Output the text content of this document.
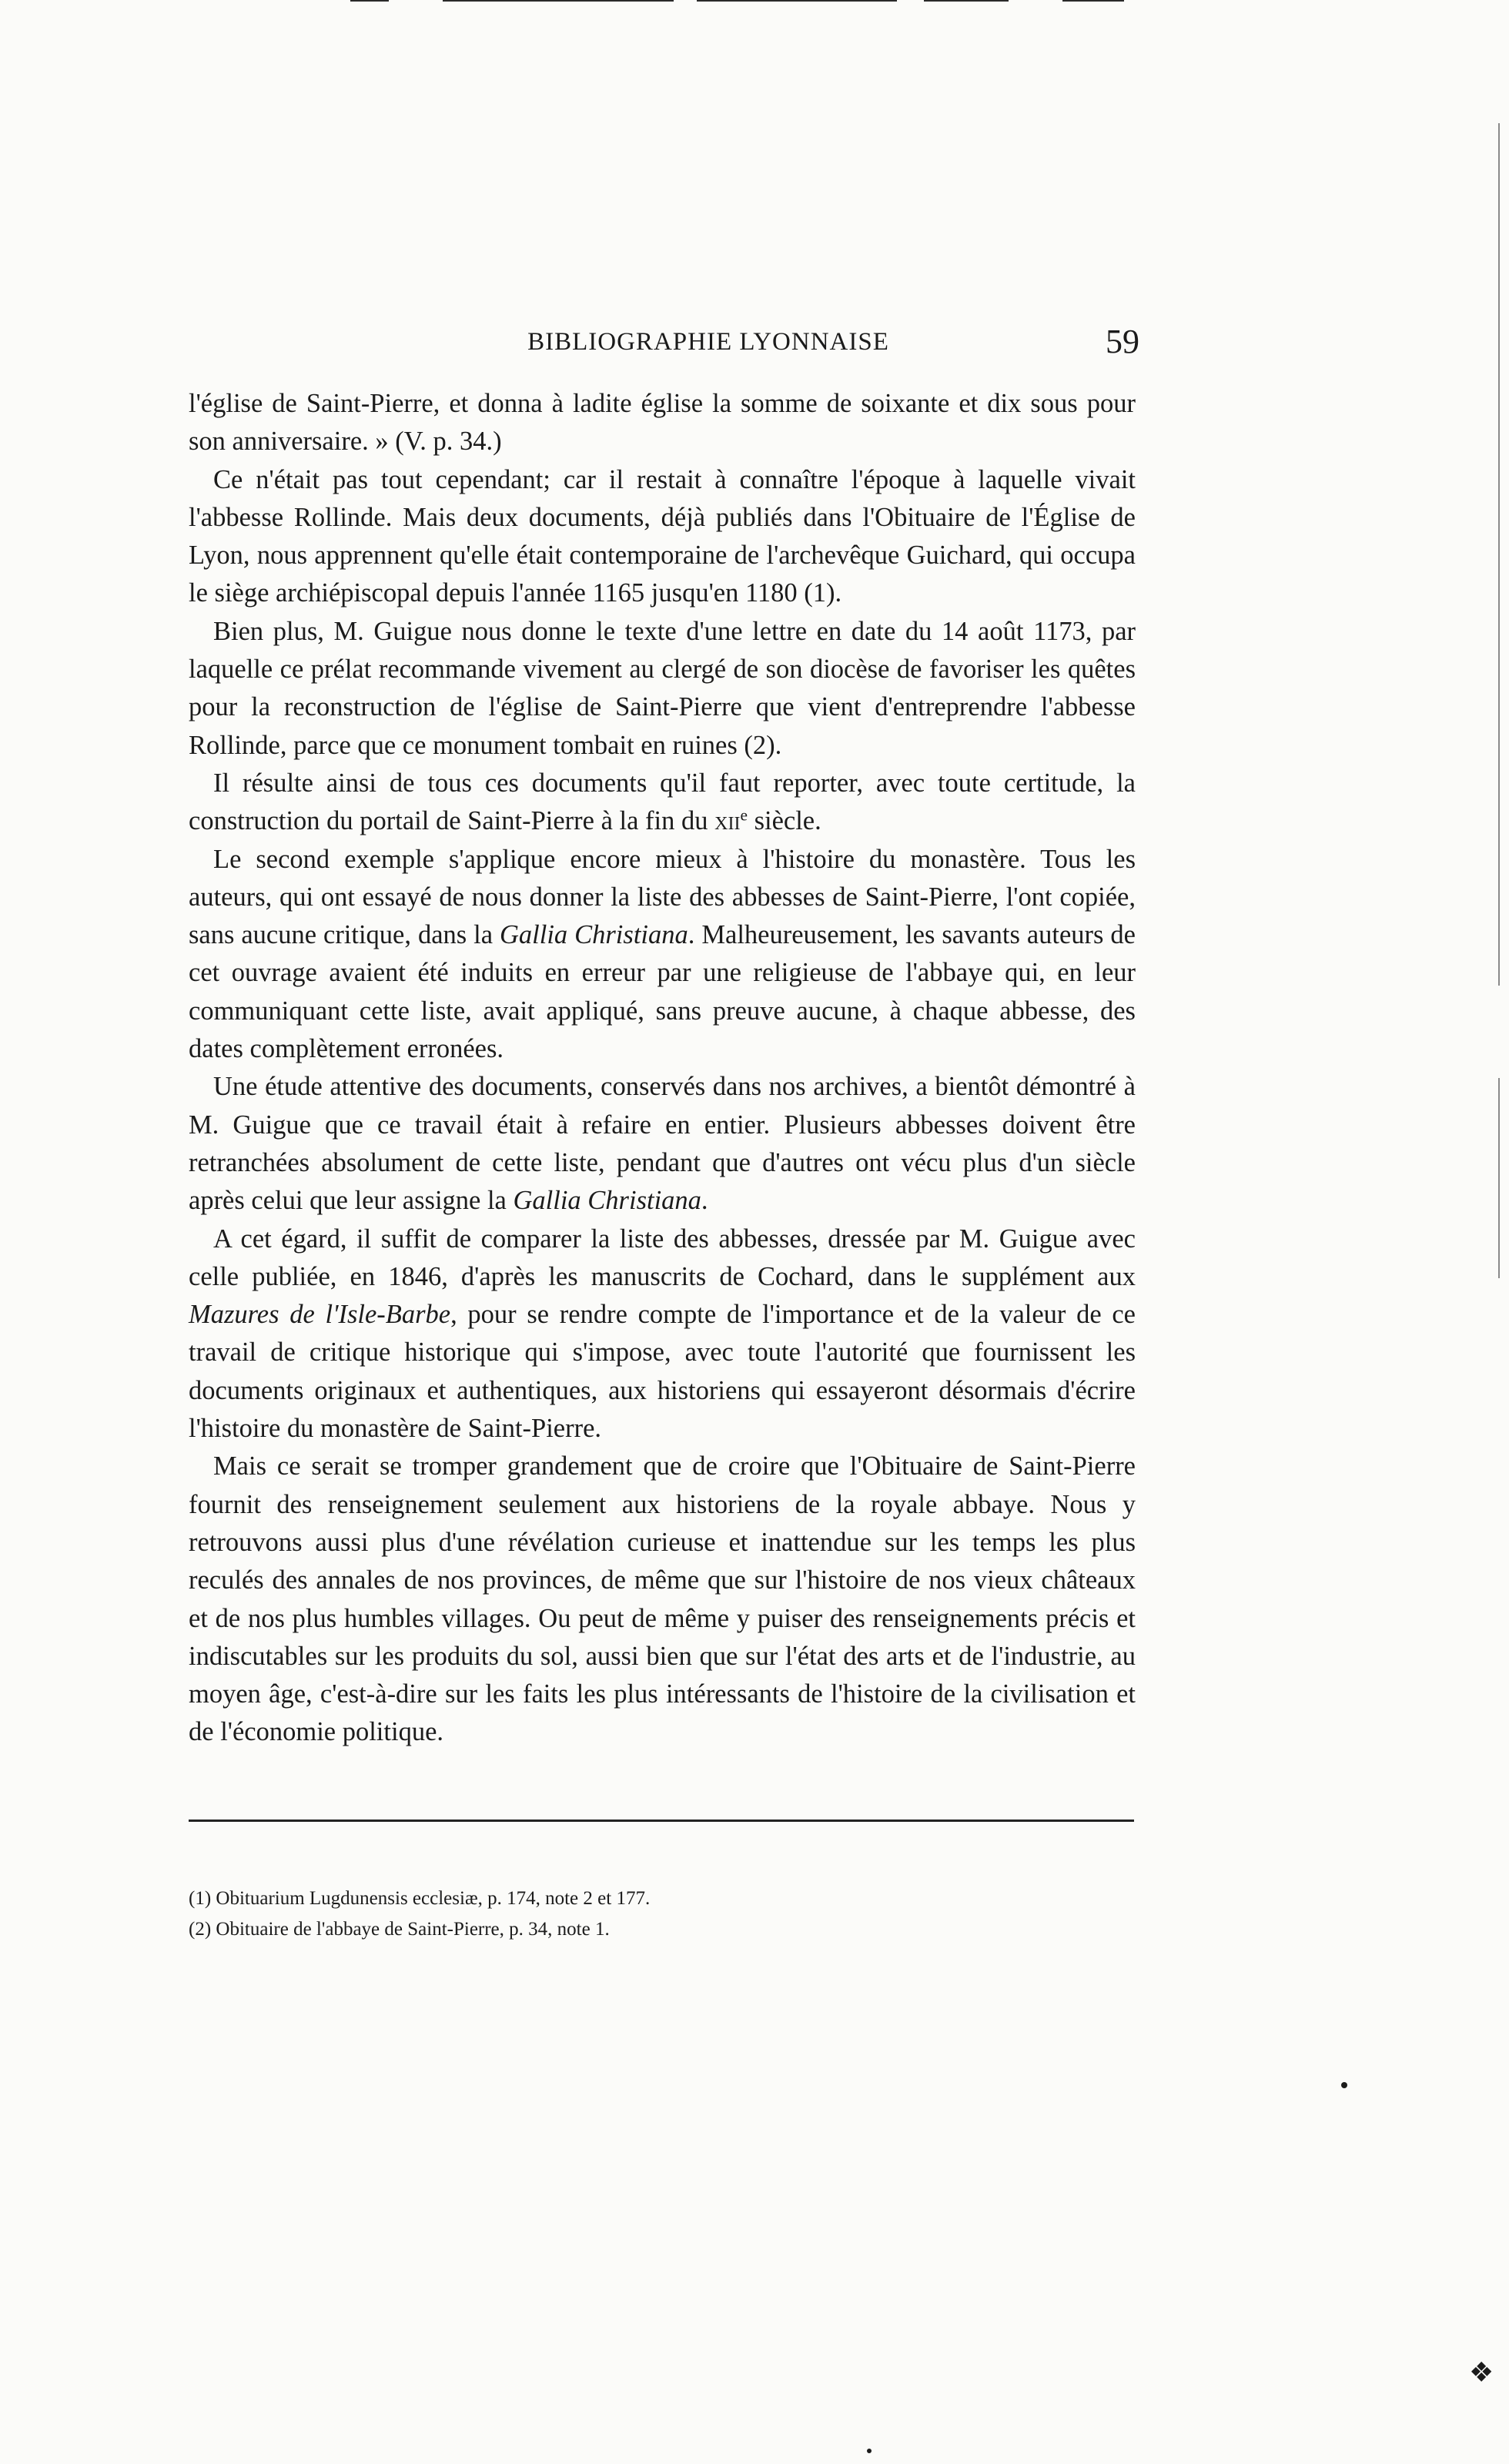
BIBLIOGRAPHIE LYONNAISE	59

l'église de Saint-Pierre, et donna à ladite église la somme de soixante et dix sous pour son anniversaire. » (V. p. 34.)

Ce n'était pas tout cependant; car il restait à connaître l'époque à laquelle vivait l'abbesse Rollinde. Mais deux documents, déjà publiés dans l'Obituaire de l'Église de Lyon, nous apprennent qu'elle était contemporaine de l'archevêque Guichard, qui occupa le siège archiépiscopal depuis l'année 1165 jusqu'en 1180 (1).

Bien plus, M. Guigue nous donne le texte d'une lettre en date du 14 août 1173, par laquelle ce prélat recommande vivement au clergé de son diocèse de favoriser les quêtes pour la reconstruction de l'église de Saint-Pierre que vient d'entreprendre l'abbesse Rollinde, parce que ce monument tombait en ruines (2).

Il résulte ainsi de tous ces documents qu'il faut reporter, avec toute certitude, la construction du portail de Saint-Pierre à la fin du xii$^e$ siècle.

Le second exemple s'applique encore mieux à l'histoire du monastère. Tous les auteurs, qui ont essayé de nous donner la liste des abbesses de Saint-Pierre, l'ont copiée, sans aucune critique, dans la Gallia Christiana. Malheureusement, les savants auteurs de cet ouvrage avaient été induits en erreur par une religieuse de l'abbaye qui, en leur communiquant cette liste, avait appliqué, sans preuve aucune, à chaque abbesse, des dates complètement erronées.

Une étude attentive des documents, conservés dans nos archives, a bientôt démontré à M. Guigue que ce travail était à refaire en entier. Plusieurs abbesses doivent être retranchées absolument de cette liste, pendant que d'autres ont vécu plus d'un siècle après celui que leur assigne la Gallia Christiana.

A cet égard, il suffit de comparer la liste des abbesses, dressée par M. Guigue avec celle publiée, en 1846, d'après les manuscrits de Cochard, dans le supplément aux Mazures de l'Isle-Barbe, pour se rendre compte de l'importance et de la valeur de ce travail de critique historique qui s'impose, avec toute l'autorité que fournissent les documents originaux et authentiques, aux historiens qui essayeront désormais d'écrire l'histoire du monastère de Saint-Pierre.

Mais ce serait se tromper grandement que de croire que l'Obituaire de Saint-Pierre fournit des renseignement seulement aux historiens de la royale abbaye. Nous y retrouvons aussi plus d'une révélation curieuse et inattendue sur les temps les plus reculés des annales de nos provinces, de même que sur l'histoire de nos vieux châteaux et de nos plus humbles villages. Ou peut de même y puiser des renseignements précis et indiscutables sur les produits du sol, aussi bien que sur l'état des arts et de l'industrie, au moyen âge, c'est-à-dire sur les faits les plus intéressants de l'histoire de la civilisation et de l'économie politique.

(1) Obituarium Lugdunensis ecclesiæ, p. 174, note 2 et 177.
(2) Obituaire de l'abbaye de Saint-Pierre, p. 34, note 1.
❖
